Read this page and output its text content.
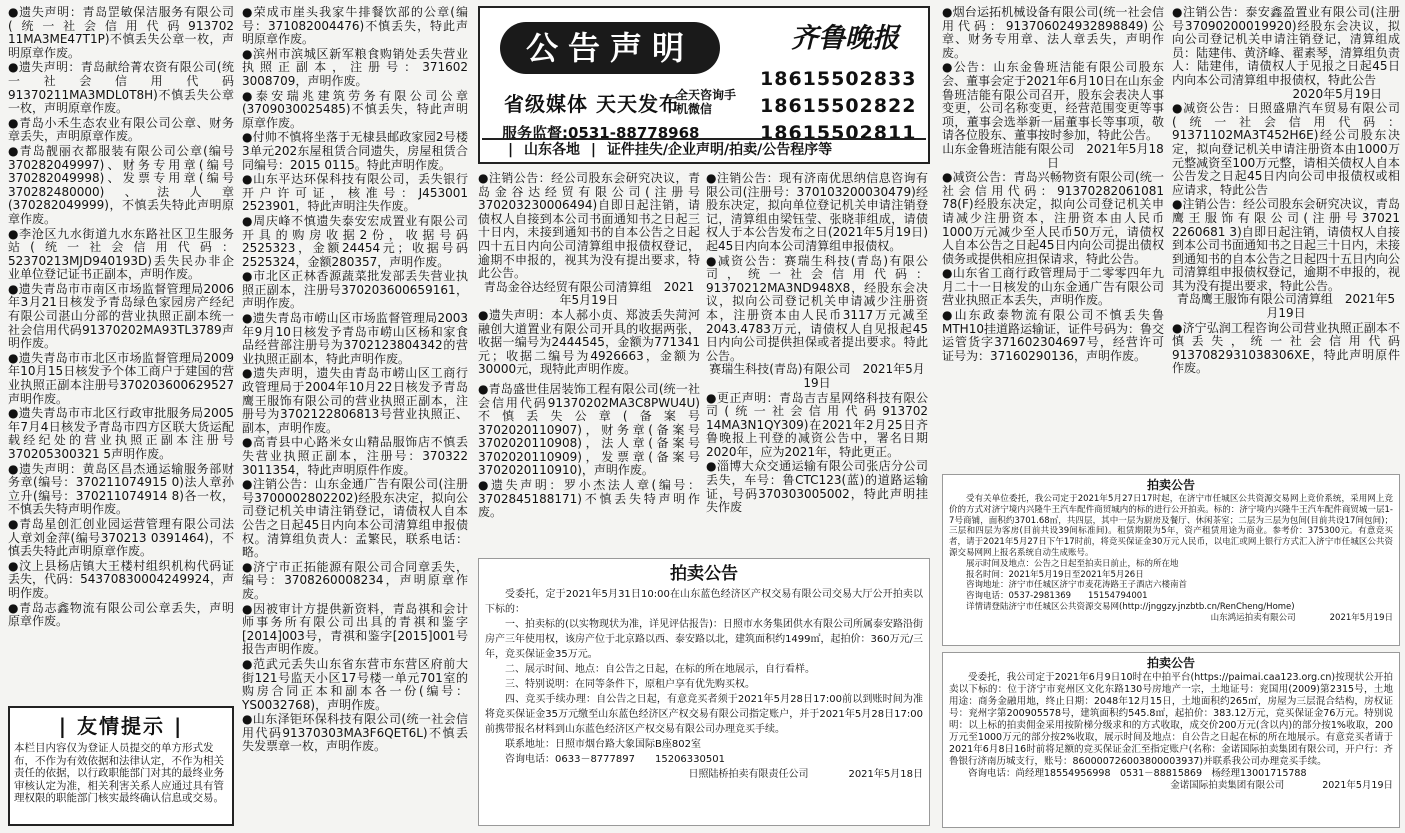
●遗失声明：青岛罡敏保洁服务有限公司(统一社会信用代码913702​11MA3ME47T1P)不慎丢失公章一枚，声明原章作废。

●遗失声明：青岛献给菁农资有限公司(统一社会信用代码91370211MA3MDL0T8H)不慎丢失公章一枚，声明原章作废。

●青岛小禾生态农业有限公司公章、财务章丢失，声明原章作废。

●青岛靓丽衣都服装有限公司公章(编号370282049997)、财务专用章(编号370282049998)、发票专用章(编号370282480000)、法人章(370282049999)，不慎丢失特此声明原章作废。

●李沧区九水街道九水东路社区卫生服务站(统一社会信用代码：52370213MJD940193D)丢失民办非企业单位登记证书正副本，声明作废。

●遗失青岛市市南区市场监督管理局2006年3月21日核发予青岛绿色家园房产经纪有限公司湛山分部的营业执照正副本统一社会信用代码91370202MA93TL3789声明作废。

●遗失青岛市市北区市场监督管理局2009年10月15日核发予个体工商户于建国的营业执照正副本注册号370203600629527声明作废。

●遗失青岛市市北区行政审批服务局2005年7月4日核发予青岛市四方区联大货运配载经纪处的营业执照正副本注册号370205300321 5声明作废。

●遗失声明：黄岛区昌杰通运输服务部财务章(编号：370211074915 0)法人章孙立升(编号：370211074914 8)各一枚，不慎丢失特声明作废。

●青岛星创汇创业园运营管理有限公司法人章刘金萍(编号370213 0391464)，不慎丢失特此声明原章作废。

●汶上县杨店镇大王楼村组织机构代码证丢失，代码：543708300042​49924，声明作废。

●青岛志鑫物流有限公司公章丢失，声明原章作废。

| 友情提示 |
本栏目内容仅为登证人员提交的单方形式发布，不作为有效依据和法律认定，不作为相关责任的依据，以行政职能部门对其的最终业务审核认定为准，相关利害关系人应通过具有管理权限的职能部门核实最终确认信息或交易。

●荣成市崖头我家牛排餐饮部的公章(编号：371082004476)不慎丢失，特此声明原章作废。

●滨州市滨城区新军粮食购销处丢失营业执照正副本，注册号：371602​3008709，声明作废。

●泰安瑞兆建筑劳务有限公司公章(370903​0025485)不慎丢失，特此声明原章作废。

●付帅不慎将坐落于无棣县邮政家园2号楼3单元202东屋租赁合同遗失，房屋租赁合同编号：2015 0115。特此声明作废。

●山东平达环保科技有限公司，丢失银行开户许可证，核准号：J453001​2523901，特此声明注失作废。

●周庆峰不慎遗失泰安宏成置业有限公司开具的购房收据2份，收据号码2525323，金额24454元；收据号码2525324，金额280357，声明作废。

●市北区正林香源蔬菜批发部丢失营业执照正副本，注册号370203600659161，声明作废。

●遗失青岛市崂山区市场监督管理局2003年9月10日核发予青岛市崂山区杨和家食品经营部注册号为370212​3804342的营业执照正副本，特此声明作废。

●遗失声明，遗失由青岛市崂山区工商行政管理局于2004年10月22日核发予青岛鹰王服饰有限公司的营业执照正副本，注册号为370212​2806813号营业执照正、副本，声明作废。

●高青县中心路米女山精品服饰店不慎丢失营业执照正副本，注册号：370322​3011354，特此声明原件作废。

●注销公告：山东金通广告有限公司(注册号370000​2802202)经股东决定，拟向公司登记机关申请注销登记，请债权人自本公告之日起45日内向本公司清算组申报债权。清算组负责人：孟繁民，联系电话：略。

●济宁市正拓能源有限公司合同章丢失，编号：370826000823​4，声明原章作废。

●因被审计方提供新资料，青岛祺和会计师事务所有限公司出具的青祺和鉴字[2014]003号，青祺和鉴字[2015]001号报告声明作废。

●范武元丢失山东省东营市东营区府前大街121号监天小区17号楼一单元701室的购房合同正本和副本各一份(编号：YS0032768)，声明作废。

●山东泽钜环保科技有限公司(统一社会信用代码91370303MA3F6QET6L)不慎丢失发票章一枚，声明作废。

公告声明	齐鲁晚报
省级媒体 天天发布
全天咨询手机微信
18615502833
18615502822
18615502811
服务监督:0531-88778968
| 山东各地 | 证件挂失/企业声明/拍卖/公告程序等
●注销公告：经公司股东会研究决议，青岛金谷达经贸有限公司(注册号370203230006494)自即日起注销，请债权人自接到本公司书面通知书之日起三十日内，未接到通知书的自本公告之日起四十五日内向公司清算组申报债权登记，逾期不申报的，视其为没有提出要求，特此公告。
青岛金谷达经贸有限公司清算组　2021年5月19日

●遗失声明：本人郝小贞、郑波丢失菏河融创大道置业有限公司开具的收据两张，收据一编号为2444545，金额为771341元；收据二编号为4926663，金额为30000元，现特此声明作废。

●青岛盛世佳居装饰工程有限公司(统一社会信用代码913702​02MA3C8PWU4U)不慎丢失公章(备案号3702020110907)，财务章(备案号3702020110908)，法人章(备案号3702020110909)，发票章(备案号3702020110910)，声明作废。

●遗失声明：罗小杰法人章(编号：370284518817​1)不慎丢失特声明作废。

●注销公告：现有济南优思纳信息咨询有限公司(注册号：370103200030479)经股东决定，拟向单位登记机关申请注销登记，清算组由梁钰莹、张晓菲组成，请债权人于本公告发布之日(2021年5月19日)起45日内向本公司清算组申报债权。

●减资公告：赛瑞生科技(青岛)有限公司，统一社会信用代码：91370212MA3ND948X8，经股东会决议，拟向公司登记机关申请减少注册资本，注册资本由人民币3117万元减至2043.4783万元，请债权人自见报起45日内向公司提供担保或者提出要求。特此公告。
赛瑞生科技(青岛)有限公司　2021年5月19日

●更正声明：青岛吉吉星网络科技有限公司(统一社会信用代码913702​14MA3N1QY309)在2021年2月25日齐鲁晚报上刊登的减资公告中，署名日期2020年，应为2021年，特此更正。

●淄博大众交通运输有限公司张店分公司丢失，车号：鲁CTC123(蓝)的道路运输证，号码370303005002，特此声明挂失作废

拍卖公告
受委托，定于2021年5月31日10:00在山东蓝色经济区产权交易有限公司交易大厅公开拍卖以下标的：
一、拍卖标的(以实物现状为准，详见评估报告)：日照市水务集团供水有限公司所属泰安路沿街房产三年使用权，该房产位于北京路以西、泰安路以北，建筑面积约1499㎡，起拍价：360万元/三年，竞买保证金35万元。
二、展示时间、地点：自公告之日起，在标的所在地展示，自行看样。
三、特别说明：在同等条件下，原租户享有优先购买权。
四、竞买手续办理：自公告之日起，有意竞买者须于2021年5月28日17:00前以到账时间为准将竞买保证金35万元缴至山东蓝色经济区产权交易有限公司指定账户，并于2021年5月28日17:00前携带报名材料到山东蓝色经济区产权交易有限公司办理竞买手续。
联系地址：日照市烟台路大象国际B座802室
咨询电话：0633－8777897　　15206330501
日照陆桥拍卖有限责任公司　　　　2021年5月18日

●烟台运拓机械设备有限公司(统一社会信用代码：91370602493289​8849)公章、财务专用章、法人章丢失，声明作废。

●公告：山东金鲁班洁能有限公司股东会、董事会定于2021年6月10日在山东金鲁班洁能有限公司召开，股东会表决人事变更，公司名称变更，经营范围变更等事项，董事会选举新一届董事长等事项，敬请各位股东、董事按时参加，特此公告。
山东金鲁班洁能有限公司　2021年5月18日

●减资公告：青岛兴畅物资有限公司(统一社会信用代码：91370282061081​78(F)经股东决定，拟向公司登记机关申请减少注册资本，注册资本由人民币1000万元减少至人民币50万元，请债权人自本公告之日起45日内向公司提出债权债务或提供相应担保请求，特此公告。

●山东省工商行政管理局于二零零四年九月二十一日核发的山东金通广告有限公司营业执照正本丢失，声明作废。

●山东政泰物流有限公司不慎丢失鲁MTH10挂道路运输证，证件号码为：鲁交运管货字371602304697号，经营许可证号为：371602​90136，声明作废。

●注销公告：泰安鑫盈置业有限公司(注册号370902000199​20)经股东会决议，拟向公司登记机关申请注销登记，清算组成员：陆建伟、黄济峰、翟素琴，清算组负责人：陆建伟，请债权人于见报之日起45日内向本公司清算组申报债权，特此公告
2020年5月19日

●减资公告：日照盛鼎汽车贸易有限公司(统一社会信用代码：91371102MA3T452H6E)经公司股东决定，拟向登记机关申请注册资本由1000万元整减资至100万元整，请相关债权人自本公告发之日起45日内向公司申报债权或相应请求，特此公告

●注销公告：经公司股东会研究决议，青岛鹰王服饰有限公司(注册号37021​2260681 3)自即日起注销，请债权人自接到本公司书面通知书之日起三十日内，未接到通知书的自本公告之日起四十五日内向公司清算组申报债权登记，逾期不申报的，视其为没有提出要求，特此公告。
青岛鹰王服饰有限公司清算组　2021年5月19日

●济宁弘润工程咨询公司营业执照正副本不慎丢失，统一社会信用代码91370829310383​06XE，特此声明原件作废。

拍卖公告
受有关单位委托，我公司定于2021年5月27日17时起，在济宁市任城区公共资源交易网上竞价系统，采用网上竞价的方式对济宁境内兴隆牛王汽车配件商贸城内的标的进行公开拍卖。标的：济宁境内兴隆牛王汽车配件商贸城一层1-7号商铺，面积约3701.68㎡，共四层，其中一层为厨房及餐厅、休闲茶室；二层为三层为包间(目前共设17间包间)；三层和四层为客房(目前共设39间标准间)。租赁期限为5年，资产租赁用途为商业。参考价：375300元。有意竞买者，请于2021年5月27日下午17时前，将竞买保证金30万元人民币，以电汇或网上银行方式汇入济宁市任城区公共资源交易网网上报名系统自动生成账号。
展示时间及地点：公告之日起至拍卖日前止，标的所在地
报名时间：2021年5月19日至2021年5月26日
咨询地址：济宁市任城区济宁市麦花涛路王子酒店六楼南首
咨询电话：0537-2981369　　15154794001
详情请登陆济宁市任城区公共资源交易网(http://jnggzy.jnzbtb.cn/RenCheng/Home)
山东鸿运拍卖有限公司　　　　2021年5月19日
拍卖公告
受委托，我公司定于2021年6月9日10时在中拍平台(https://paimai.caa123.org.cn)按现状公开拍卖以下标的：位于济宁市兖州区文化东路130号房地产一宗，土地证号：兖国用(2009)第2315号，土地用途：商务金融用地，终止日期：2048年12月15日，土地面积约265㎡，房屋为三层混合结构，房权证号：兖州字第200905578号，建筑面积约545.8㎡，起拍价：383.12万元，竞买保证金76万元。特别说明：以上标的拍卖佣金采用按阶梯分级求和的方式收取，成交价200万元(含以内)的部分按1%收取，200万元至1000万元的部分按2%收取，展示时间及地点：自公告之日起在标的所在地展示。有意竞买者请于2021年6月8日16时前将足额的竞买保证金汇至指定账户(名称：金诺国际拍卖集团有限公司，开户行：齐鲁银行济南历城支行，账号：860000726003​8000039​37)并联系我公司办理竞买手续。
咨询电话：尚经理18554956998　0531－88815869　杨经理13001715788
金诺国际拍卖集团有限公司　　　　2021年5月19日
